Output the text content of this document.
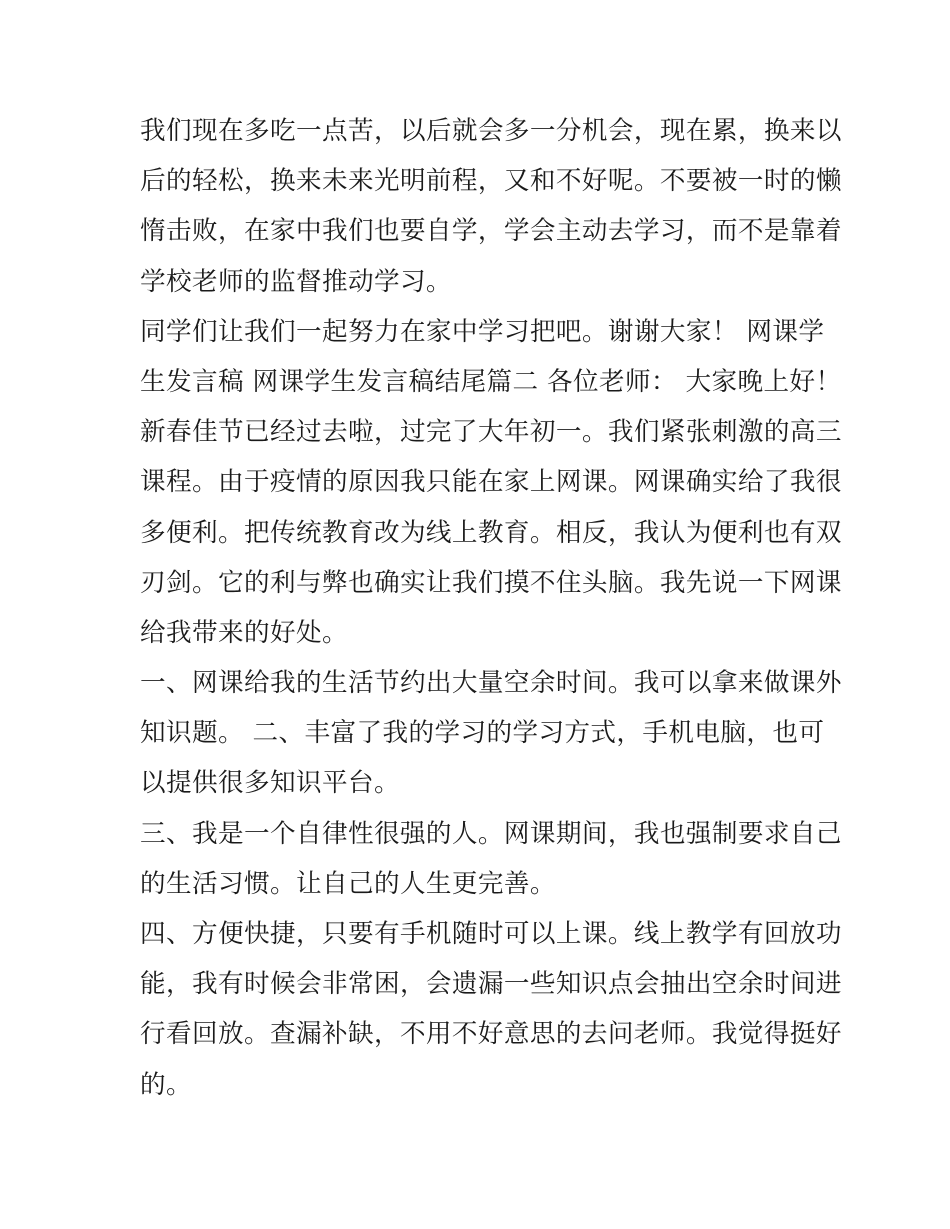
我们现在多吃一点苦，以后就会多一分机会，现在累，换来以
后的轻松，换来未来光明前程，又和不好呢。不要被一时的懒
惰击败，在家中我们也要自学，学会主动去学习，而不是靠着
学校老师的监督推动学习。
同学们让我们一起努力在家中学习把吧。谢谢大家！ 网课学
生发言稿 网课学生发言稿结尾篇二 各位老师： 大家晚上好！
新春佳节已经过去啦，过完了大年初一。我们紧张刺激的高三
课程。由于疫情的原因我只能在家上网课。网课确实给了我很
多便利。把传统教育改为线上教育。相反，我认为便利也有双
刃剑。它的利与弊也确实让我们摸不住头脑。我先说一下网课
给我带来的好处。
一、网课给我的生活节约出大量空余时间。我可以拿来做课外
知识题。 二、丰富了我的学习的学习方式，手机电脑，也可
以提供很多知识平台。
三、我是一个自律性很强的人。网课期间，我也强制要求自己
的生活习惯。让自己的人生更完善。
四、方便快捷，只要有手机随时可以上课。线上教学有回放功
能，我有时候会非常困，会遗漏一些知识点会抽出空余时间进
行看回放。查漏补缺，不用不好意思的去问老师。我觉得挺好
的。
